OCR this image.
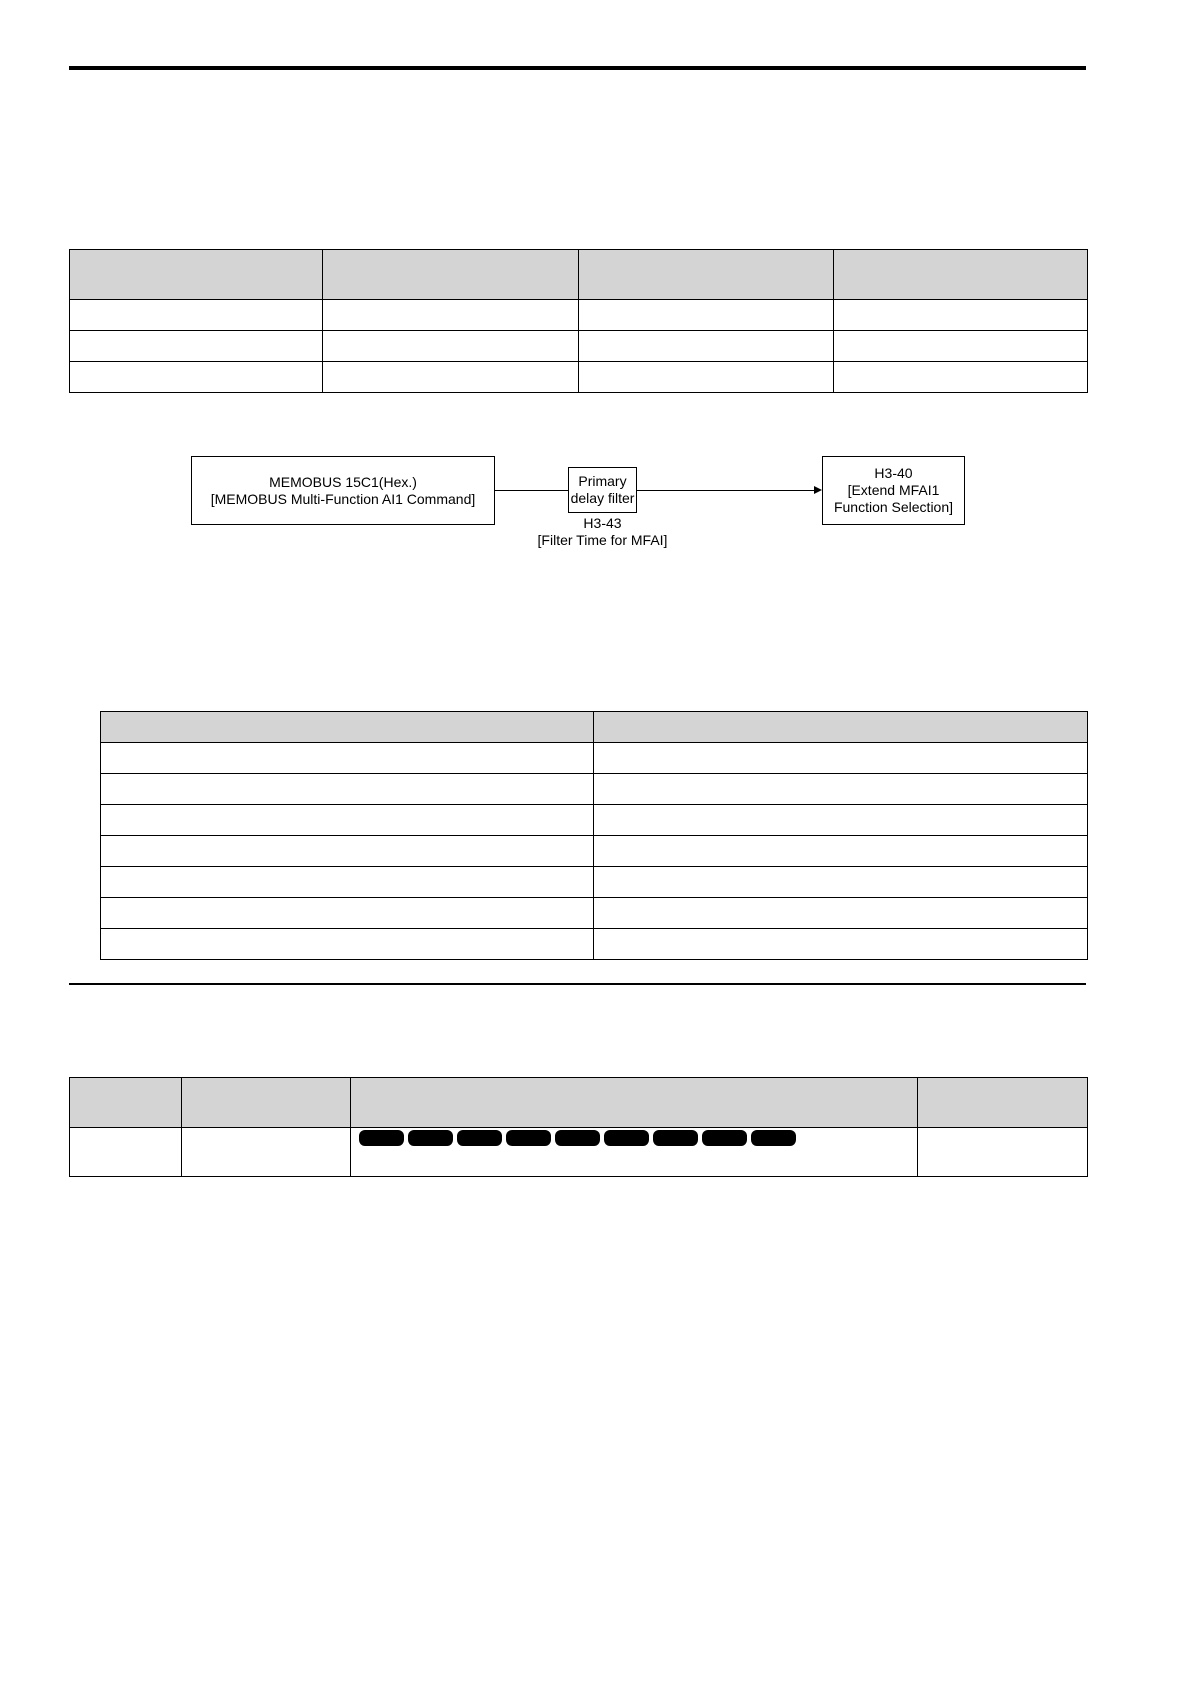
MEMOBUS 15C1(Hex.)
[MEMOBUS Multi-Function AI1 Command]
Primary
delay filter
H3-43
[Filter Time for MFAI]
H3-40
[Extend MFAI1
Function Selection]
